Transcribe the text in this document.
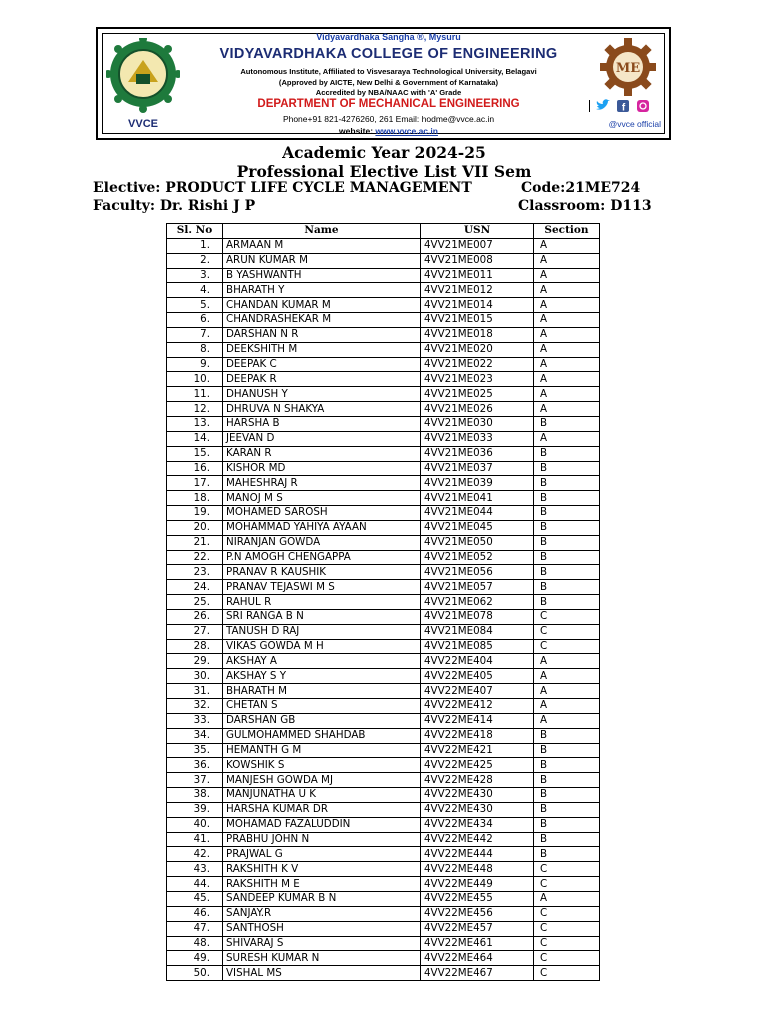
VVCE
Vidyavardhaka Sangha ®, Mysuru
VIDYAVARDHAKA COLLEGE OF ENGINEERING
Autonomous Institute, Affiliated to Visvesaraya Technological University, Belagavi
(Approved by AICTE, New Delhi & Government of Karnataka)
Accredited by NBA/NAAC with 'A' Grade
DEPARTMENT OF MECHANICAL ENGINEERING
Phone+91 821-4276260, 261 Email: hodme@vvce.ac.in
website: www.vvce.ac.in
ME
f
@vvce official
Academic Year 2024-25
Professional Elective List VII Sem
Elective: PRODUCT LIFE CYCLE MANAGEMENT	Code:21ME724
Faculty: Dr. Rishi J P	Classroom: D113
Sl. No	Name	USN	Section
1.	ARMAAN M	4VV21ME007	A
2.	ARUN KUMAR M	4VV21ME008	A
3.	B YASHWANTH	4VV21ME011	A
4.	BHARATH Y	4VV21ME012	A
5.	CHANDAN KUMAR M	4VV21ME014	A
6.	CHANDRASHEKAR M	4VV21ME015	A
7.	DARSHAN N R	4VV21ME018	A
8.	DEEKSHITH M	4VV21ME020	A
9.	DEEPAK C	4VV21ME022	A
10.	DEEPAK R	4VV21ME023	A
11.	DHANUSH Y	4VV21ME025	A
12.	DHRUVA N SHAKYA	4VV21ME026	A
13.	HARSHA B	4VV21ME030	B
14.	JEEVAN D	4VV21ME033	A
15.	KARAN R	4VV21ME036	B
16.	KISHOR MD	4VV21ME037	B
17.	MAHESHRAJ R	4VV21ME039	B
18.	MANOJ M S	4VV21ME041	B
19.	MOHAMED SAROSH	4VV21ME044	B
20.	MOHAMMAD YAHIYA AYAAN	4VV21ME045	B
21.	NIRANJAN GOWDA	4VV21ME050	B
22.	P.N AMOGH CHENGAPPA	4VV21ME052	B
23.	PRANAV R KAUSHIK	4VV21ME056	B
24.	PRANAV TEJASWI M S	4VV21ME057	B
25.	RAHUL R	4VV21ME062	B
26.	SRI RANGA B N	4VV21ME078	C
27.	TANUSH D RAJ	4VV21ME084	C
28.	VIKAS GOWDA M H	4VV21ME085	C
29.	AKSHAY A	4VV22ME404	A
30.	AKSHAY S Y	4VV22ME405	A
31.	BHARATH M	4VV22ME407	A
32.	CHETAN S	4VV22ME412	A
33.	DARSHAN GB	4VV22ME414	A
34.	GULMOHAMMED SHAHDAB	4VV22ME418	B
35.	HEMANTH G M	4VV22ME421	B
36.	KOWSHIK S	4VV22ME425	B
37.	MANJESH GOWDA MJ	4VV22ME428	B
38.	MANJUNATHA U K	4VV22ME430	B
39.	HARSHA KUMAR DR	4VV22ME430	B
40.	MOHAMAD FAZALUDDIN	4VV22ME434	B
41.	PRABHU JOHN N	4VV22ME442	B
42.	PRAJWAL G	4VV22ME444	B
43.	RAKSHITH K V	4VV22ME448	C
44.	RAKSHITH M E	4VV22ME449	C
45.	SANDEEP KUMAR B N	4VV22ME455	A
46.	SANJAY.R	4VV22ME456	C
47.	SANTHOSH	4VV22ME457	C
48.	SHIVARAJ S	4VV22ME461	C
49.	SURESH KUMAR N	4VV22ME464	C
50.	VISHAL MS	4VV22ME467	C
